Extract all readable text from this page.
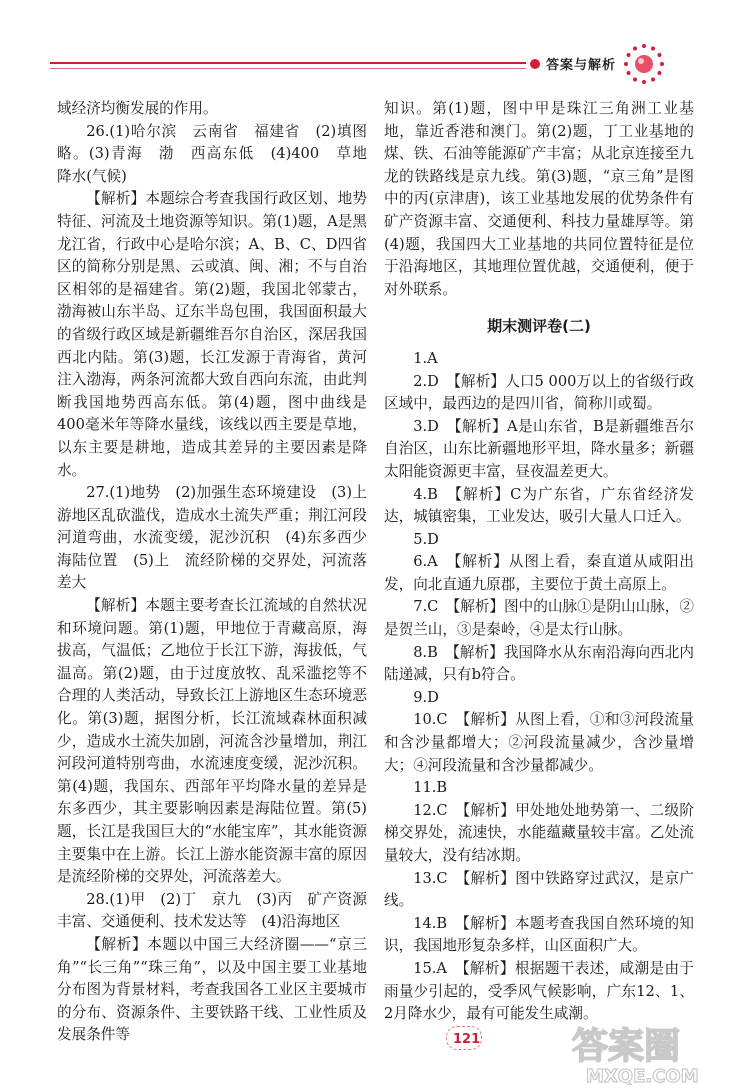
答案与解析

域经济均衡发展的作用。

26.(1)哈尔滨　云南省　福建省　(2)填图略。(3)青海　渤　西高东低　(4)400　草地　降水(气候)

【解析】本题综合考查我国行政区划、地势特征、河流及土地资源等知识。第(1)题，A是黑龙江省，行政中心是哈尔滨；A、B、C、D四省区的简称分别是黑、云或滇、闽、湘；不与自治区相邻的是福建省。第(2)题，我国北邻蒙古，渤海被山东半岛、辽东半岛包围，我国面积最大的省级行政区域是新疆维吾尔自治区，深居我国西北内陆。第(3)题，长江发源于青海省，黄河注入渤海，两条河流都大致自西向东流，由此判断我国地势西高东低。第(4)题，图中曲线是400毫米年等降水量线，该线以西主要是草地，以东主要是耕地，造成其差异的主要因素是降水。

27.(1)地势　(2)加强生态环境建设　(3)上游地区乱砍滥伐，造成水土流失严重；荆江河段河道弯曲，水流变缓，泥沙沉积　(4)东多西少　海陆位置　(5)上　流经阶梯的交界处，河流落差大

【解析】本题主要考查长江流域的自然状况和环境问题。第(1)题，甲地位于青藏高原，海拔高，气温低；乙地位于长江下游，海拔低，气温高。第(2)题，由于过度放牧、乱采滥挖等不合理的人类活动，导致长江上游地区生态环境恶化。第(3)题，据图分析，长江流域森林面积减少，造成水土流失加剧，河流含沙量增加，荆江河段河道特别弯曲，水流速度变缓，泥沙沉积。第(4)题，我国东、西部年平均降水量的差异是东多西少，其主要影响因素是海陆位置。第(5)题，长江是我国巨大的“水能宝库”，其水能资源主要集中在上游。长江上游水能资源丰富的原因是流经阶梯的交界处，河流落差大。

28.(1)甲　(2)丁　京九　(3)丙　矿产资源丰富、交通便利、技术发达等　(4)沿海地区

【解析】本题以中国三大经济圈——“京三角”“长三角”“珠三角”，以及中国主要工业基地分布图为背景材料，考查我国各工业区主要城市的分布、资源条件、主要铁路干线、工业性质及发展条件等

知识。第(1)题，图中甲是珠江三角洲工业基地，靠近香港和澳门。第(2)题，丁工业基地的煤、铁、石油等能源矿产丰富；从北京连接至九龙的铁路线是京九线。第(3)题，“京三角”是图中的丙(京津唐)，该工业基地发展的优势条件有矿产资源丰富、交通便利、科技力量雄厚等。第(4)题，我国四大工业基地的共同位置特征是位于沿海地区，其地理位置优越，交通便利，便于对外联系。

期末测评卷(二)

1.A

2.D　【解析】人口5 000万以上的省级行政区域中，最西边的是四川省，简称川或蜀。

3.D　【解析】A是山东省，B是新疆维吾尔自治区，山东比新疆地形平坦，降水量多；新疆太阳能资源更丰富，昼夜温差更大。

4.B　【解析】C为广东省，广东省经济发达，城镇密集，工业发达，吸引大量人口迁入。

5.D

6.A　【解析】从图上看，秦直道从咸阳出发，向北直通九原郡，主要位于黄土高原上。

7.C　【解析】图中的山脉①是阴山山脉，②是贺兰山，③是秦岭，④是太行山脉。

8.B　【解析】我国降水从东南沿海向西北内陆递减，只有b符合。

9.D

10.C　【解析】从图上看，①和③河段流量和含沙量都增大；②河段流量减少，含沙量增大；④河段流量和含沙量都减少。

11.B

12.C　【解析】甲处地处地势第一、二级阶梯交界处，流速快，水能蕴藏量较丰富。乙处流量较大，没有结冰期。

13.C　【解析】图中铁路穿过武汉，是京广线。

14.B　【解析】本题考查我国自然环境的知识，我国地形复杂多样，山区面积广大。

15.A　【解析】根据题干表述，咸潮是由于雨量少引起的，受季风气候影响，广东12、1、2月降水少，最有可能发生咸潮。

121	答案圈
MXQE.COM
